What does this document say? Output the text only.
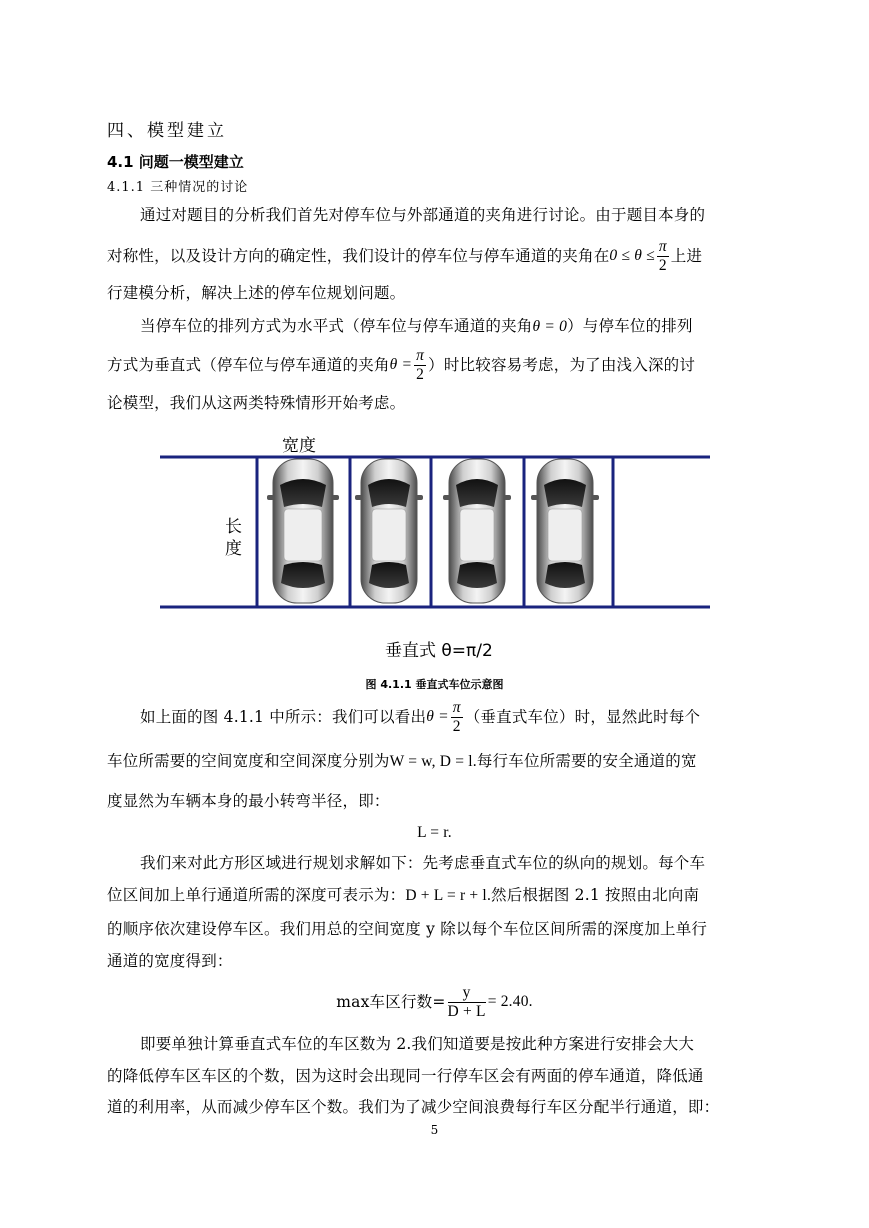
四、模型建立
4.1 问题一模型建立
4.1.1 三种情况的讨论
通过对题目的分析我们首先对停车位与外部通道的夹角进行讨论。由于题目本身的
对称性，以及设计方向的确定性，我们设计的停车位与停车通道的夹角在 $0 \le \theta \le \frac{\pi}{2}$ 上进
行建模分析，解决上述的停车位规划问题。
当停车位的排列方式为水平式（停车位与停车通道的夹角θ = 0）与停车位的排列
方式为垂直式（停车位与停车通道的夹角 $\theta = \frac{\pi}{2}$ ）时比较容易考虑，为了由浅入深的讨
论模型，我们从这两类特殊情形开始考虑。
宽度
长
度
垂直式 θ=π/2
图 4.1.1 垂直式车位示意图
如上面的图 4.1.1 中所示：我们可以看出 $\theta = \frac{\pi}{2}$ （垂直式车位）时，显然此时每个
车位所需要的空间宽度和空间深度分别为W = w, D = l.每行车位所需要的安全通道的宽
度显然为车辆本身的最小转弯半径，即：
L = r.
我们来对此方形区域进行规划求解如下：先考虑垂直式车位的纵向的规划。每个车
位区间加上单行通道所需的深度可表示为：D + L = r + l.然后根据图 2.1 按照由北向南
的顺序依次建设停车区。我们用总的空间宽度 y 除以每个车位区间所需的深度加上单行
通道的宽度得到：
max车区行数= $\frac{y}{D + L} = 2.40$.
即要单独计算垂直式车位的车区数为 2.我们知道要是按此种方案进行安排会大大
的降低停车区车区的个数，因为这时会出现同一行停车区会有两面的停车通道，降低通
道的利用率，从而减少停车区个数。我们为了减少空间浪费每行车区分配半行通道，即：
5
